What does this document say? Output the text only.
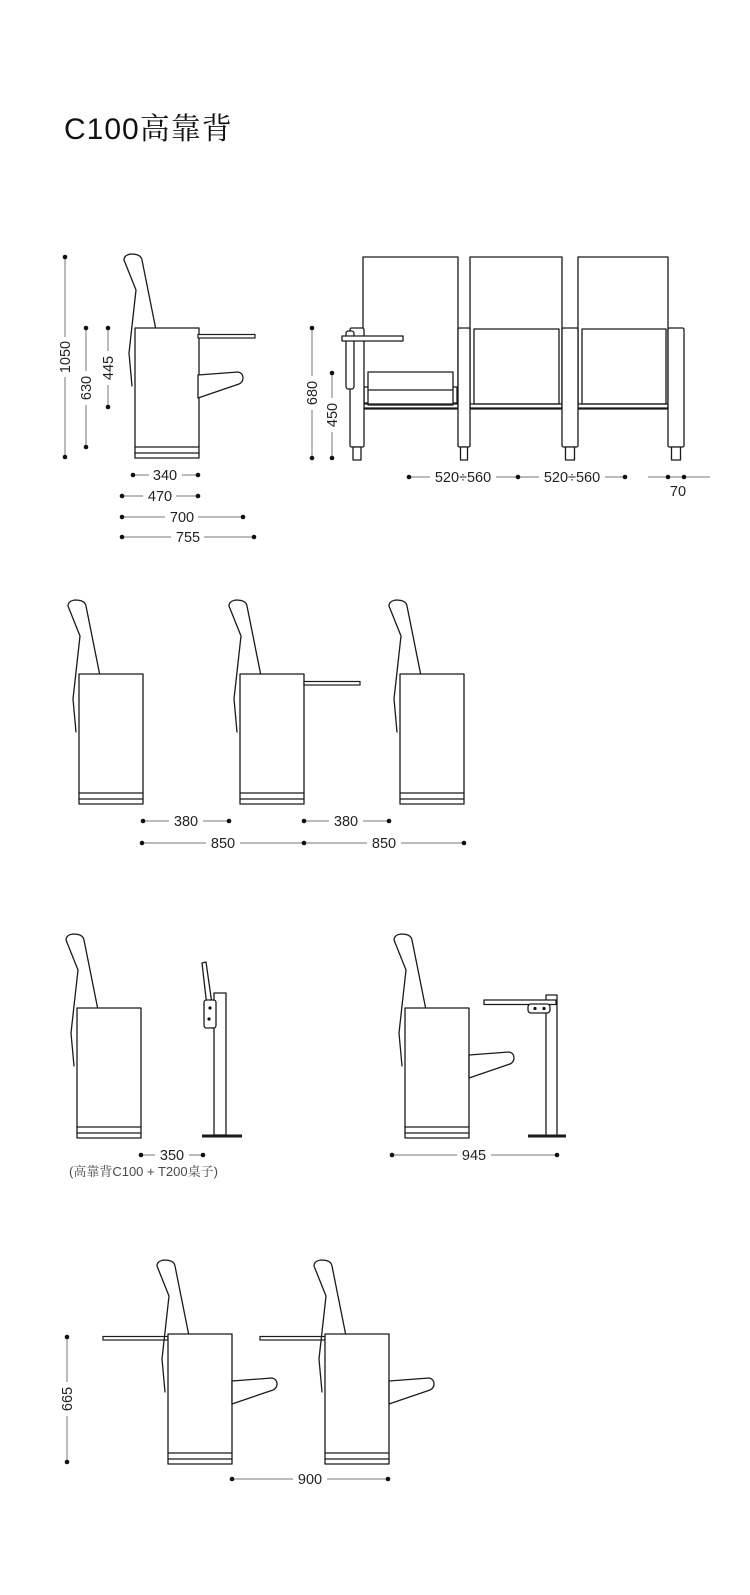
C100高靠背
(高靠背C100 + T200桌子)
1050
630
445
340
470
700
755
680
450
520÷560	520÷560
70
380	380
850	850
350	945
665
900
